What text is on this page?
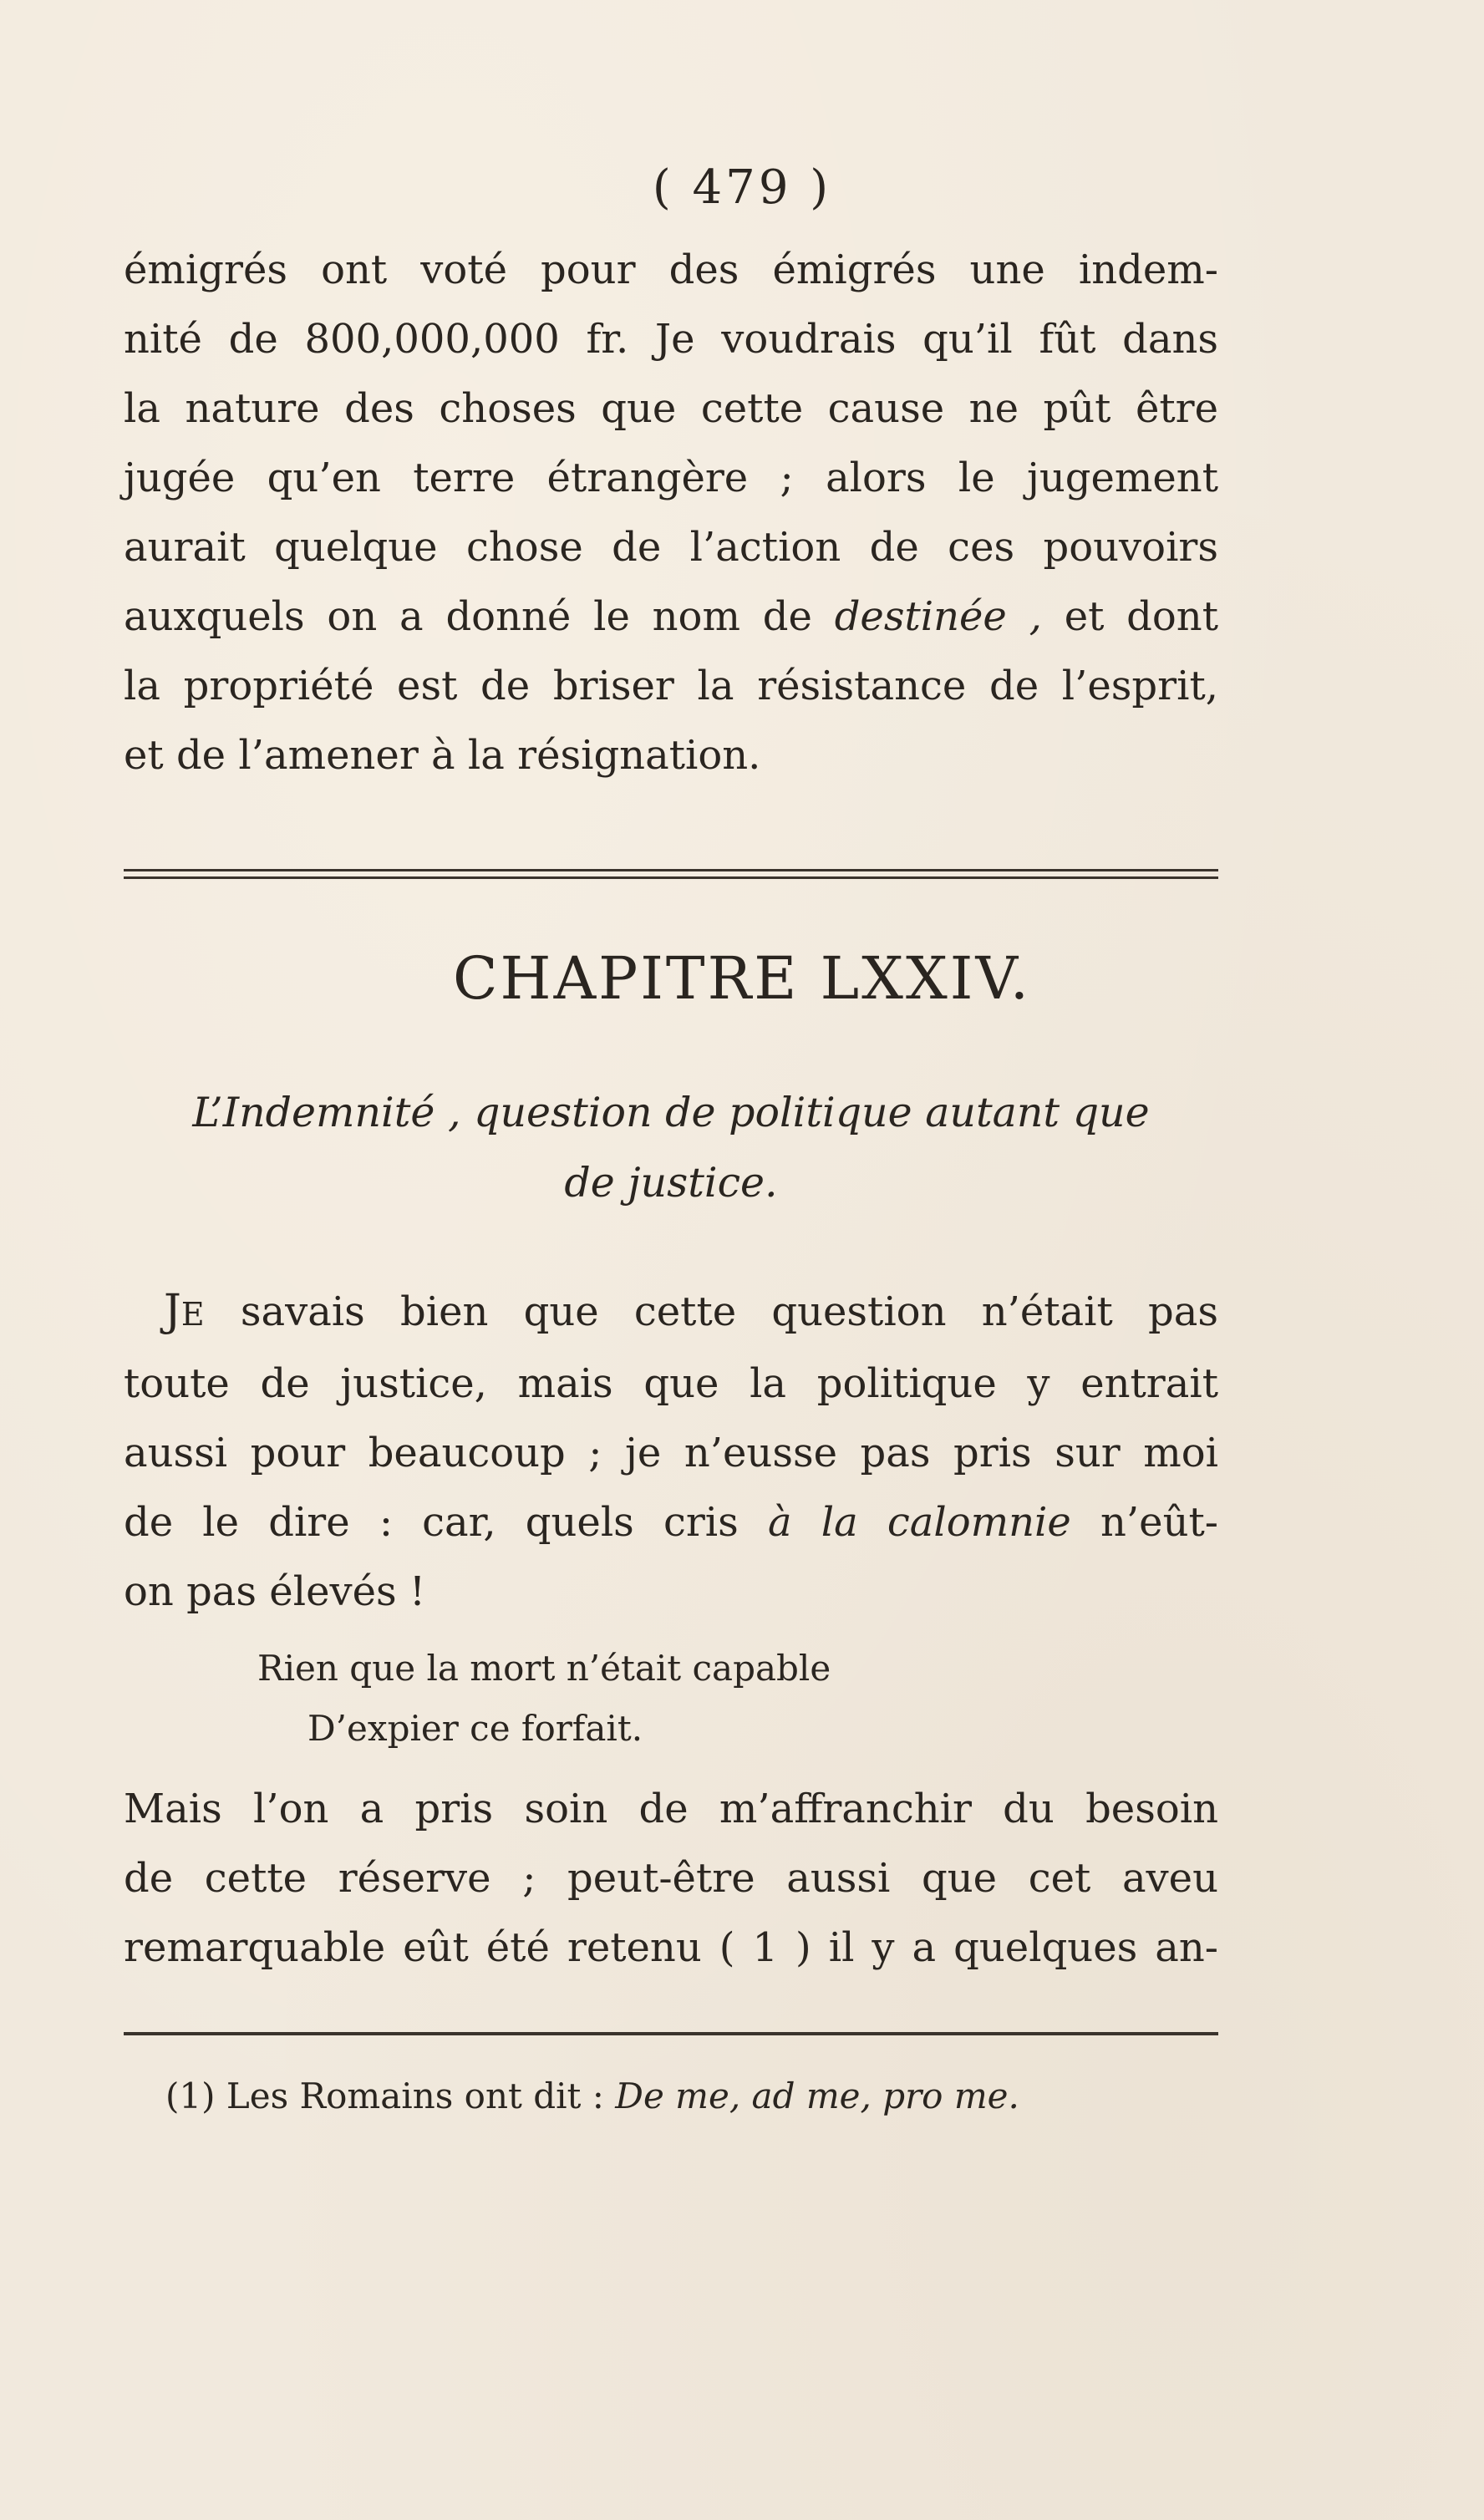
( 479 )
émigrés ont voté pour des émigrés une indem-
nité de 800,000,000 fr. Je voudrais qu’il fût dans
la nature des choses que cette cause ne pût être
jugée qu’en terre étrangère ; alors le jugement
aurait quelque chose de l’action de ces pouvoirs
auxquels on a donné le nom de destinée , et dont
la propriété est de briser la résistance de l’esprit,
et de l’amener à la résignation.
CHAPITRE LXXIV.
L’Indemnité , question de politique autant que
de justice.
 JE savais bien que cette question n’était pas
toute de justice, mais que la politique y entrait
aussi pour beaucoup ; je n’eusse pas pris sur moi
de le dire : car, quels cris à la calomnie n’eût-
on pas élevés !
Rien que la mort n’était capable
D’expier ce forfait.
Mais l’on a pris soin de m’affranchir du besoin
de cette réserve ; peut-être aussi que cet aveu
remarquable eût été retenu ( 1 ) il y a quelques an-
(1) Les Romains ont dit : De me, ad me, pro me.
